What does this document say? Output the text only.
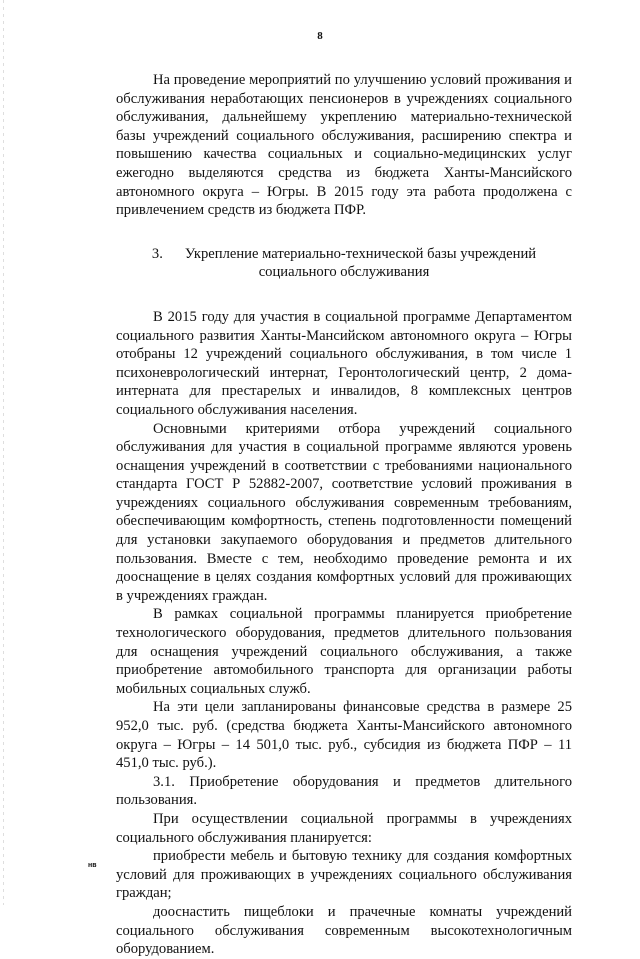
8

На проведение мероприятий по улучшению условий проживания и обслуживания неработающих пенсионеров в учреждениях социального обслуживания, дальнейшему укреплению материально-технической базы учреждений социального обслуживания, расширению спектра и повышению качества социальных и социально-медицинских услуг ежегодно выделяются средства из бюджета Ханты-Мансийского автономного округа – Югры. В 2015 году эта работа продолжена с привлечением средств из бюджета ПФР.

3. Укрепление материально-технической базы учреждений социального обслуживания

В 2015 году для участия в социальной программе Департаментом социального развития Ханты-Мансийском автономного округа – Югры отобраны 12 учреждений социального обслуживания, в том числе 1 психоневрологический интернат, Геронтологический центр, 2 дома-интерната для престарелых и инвалидов, 8 комплексных центров социального обслуживания населения.

Основными критериями отбора учреждений социального обслуживания для участия в социальной программе являются уровень оснащения учреждений в соответствии с требованиями национального стандарта ГОСТ Р 52882-2007, соответствие условий проживания в учреждениях социального обслуживания современным требованиям, обеспечивающим комфортность, степень подготовленности помещений для установки закупаемого оборудования и предметов длительного пользования. Вместе с тем, необходимо проведение ремонта и их дооснащение в целях создания комфортных условий для проживающих в учреждениях граждан.

В рамках социальной программы планируется приобретение технологического оборудования, предметов длительного пользования для оснащения учреждений социального обслуживания, а также приобретение автомобильного транспорта для организации работы мобильных социальных служб.

На эти цели запланированы финансовые средства в размере 25 952,0 тыс. руб. (средства бюджета Ханты-Мансийского автономного округа – Югры – 14 501,0 тыс. руб., субсидия из бюджета ПФР – 11 451,0 тыс. руб.).

3.1. Приобретение оборудования и предметов длительного пользования.

При осуществлении социальной программы в учреждениях социального обслуживания планируется:

приобрести мебель и бытовую технику для создания комфортных условий для проживающих в учреждениях социального обслуживания граждан;

дооснастить пищеблоки и прачечные комнаты учреждений социального обслуживания современным высокотехнологичным оборудованием.

нв
